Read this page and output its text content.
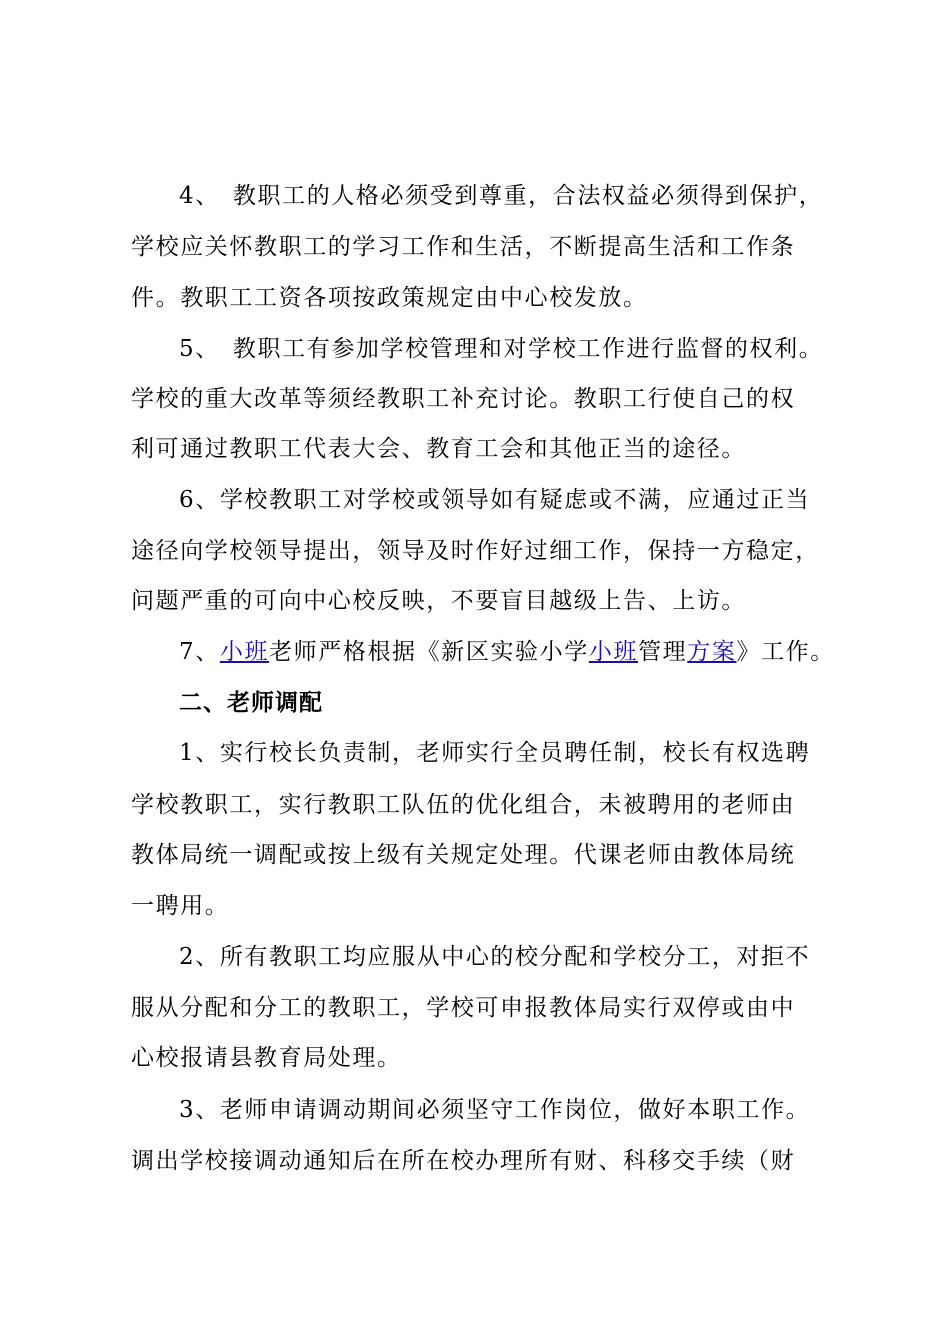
4、　教职工的人格必须受到尊重，合法权益必须得到保护，
学校应关怀教职工的学习工作和生活，不断提高生活和工作条
件。教职工工资各项按政策规定由中心校发放。
5、　教职工有参加学校管理和对学校工作进行监督的权利。
学校的重大改革等须经教职工补充讨论。教职工行使自己的权
利可通过教职工代表大会、教育工会和其他正当的途径。
6、学校教职工对学校或领导如有疑虑或不满，应通过正当
途径向学校领导提出，领导及时作好过细工作，保持一方稳定，
问题严重的可向中心校反映，不要盲目越级上告、上访。
7、小班老师严格根据《新区实验小学小班管理方案》工作。
二、老师调配
1、实行校长负责制，老师实行全员聘任制，校长有权选聘
学校教职工，实行教职工队伍的优化组合，未被聘用的老师由
教体局统一调配或按上级有关规定处理。代课老师由教体局统
一聘用。
2、所有教职工均应服从中心的校分配和学校分工，对拒不
服从分配和分工的教职工，学校可申报教体局实行双停或由中
心校报请县教育局处理。
3、老师申请调动期间必须坚守工作岗位，做好本职工作。
调出学校接调动通知后在所在校办理所有财、科移交手续（财
